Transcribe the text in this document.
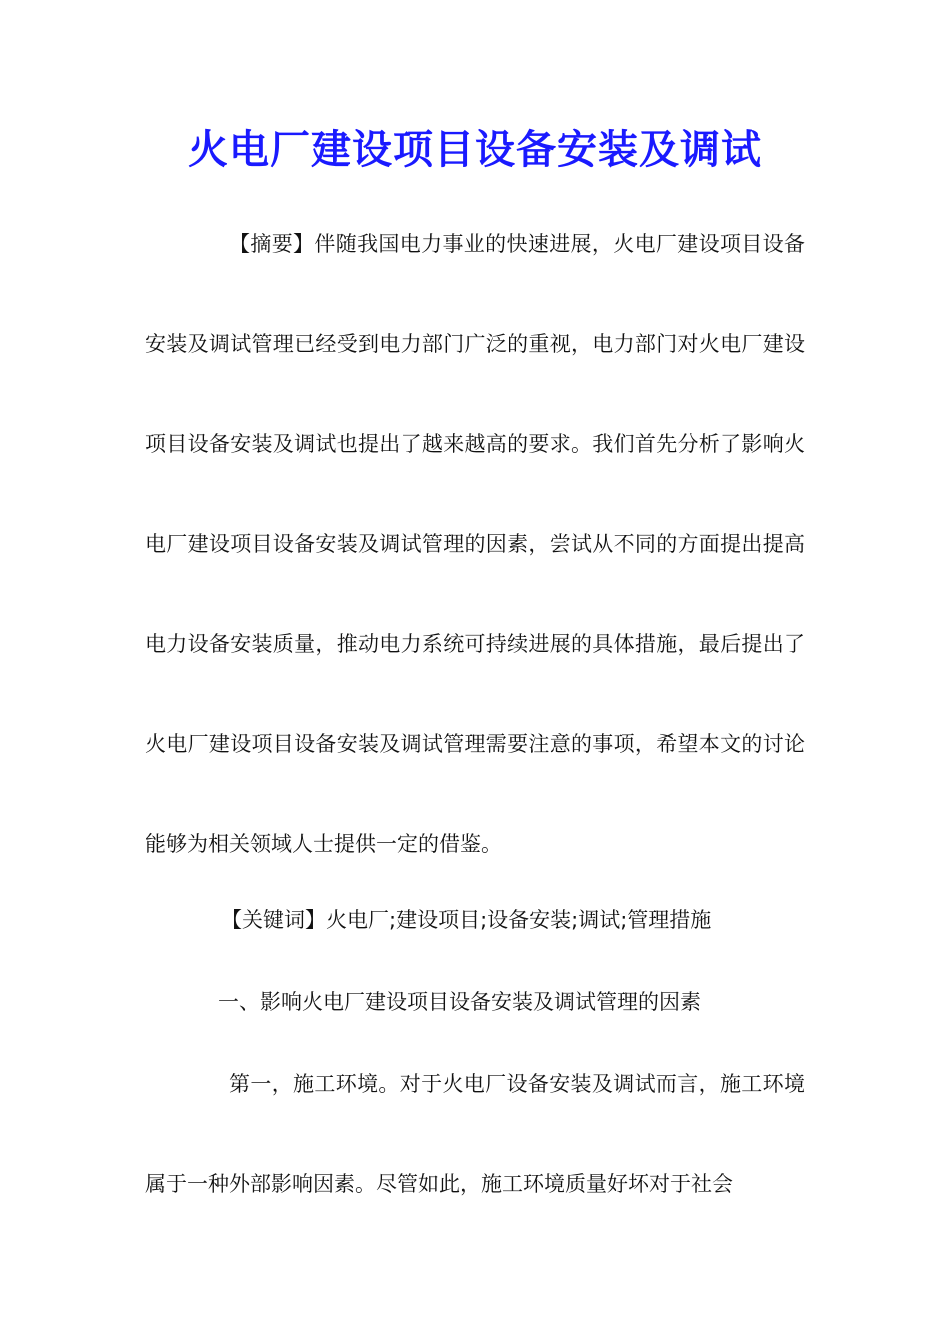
火电厂建设项目设备安装及调试

【摘要】伴随我国电力事业的快速进展，火电厂建设项目设备安装及调试管理已经受到电力部门广泛的重视，电力部门对火电厂建设项目设备安装及调试也提出了越来越高的要求。我们首先分析了影响火电厂建设项目设备安装及调试管理的因素，尝试从不同的方面提出提高电力设备安装质量，推动电力系统可持续进展的具体措施，最后提出了火电厂建设项目设备安装及调试管理需要注意的事项，希望本文的讨论能够为相关领域人士提供一定的借鉴。

【关键词】火电厂;建设项目;设备安装;调试;管理措施

一、影响火电厂建设项目设备安装及调试管理的因素

第一，施工环境。对于火电厂设备安装及调试而言，施工环境属于一种外部影响因素。尽管如此，施工环境质量好坏对于社会
